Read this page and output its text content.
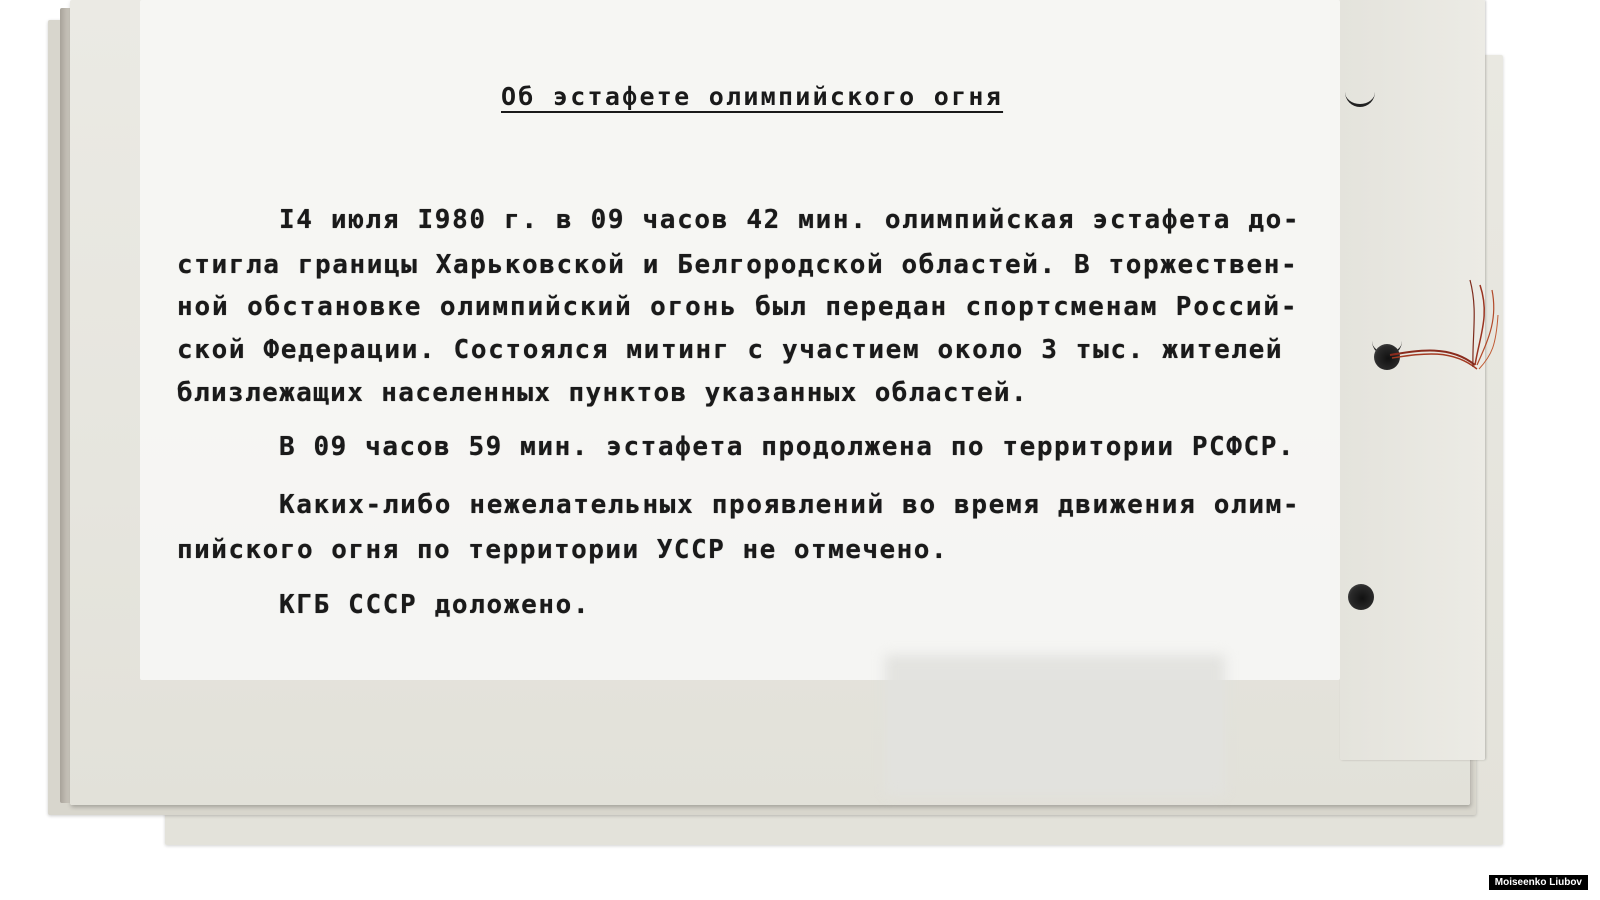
Об эстафете олимпийского огня
I4 июля I980 г. в 09 часов 42 мин. олимпийская эстафета до-
стигла границы Харьковской и Белгородской областей. В торжествен-
ной обстановке олимпийский огонь был передан спортсменам Россий-
ской Федерации. Состоялся митинг с участием около 3 тыс. жителей
близлежащих населенных пунктов указанных областей.
В 09 часов 59 мин. эстафета продолжена по территории РСФСР.
Каких-либо нежелательных проявлений во время движения олим-
пийского огня по территории УССР не отмечено.
КГБ СССР доложено.
Moiseenko Liubov
